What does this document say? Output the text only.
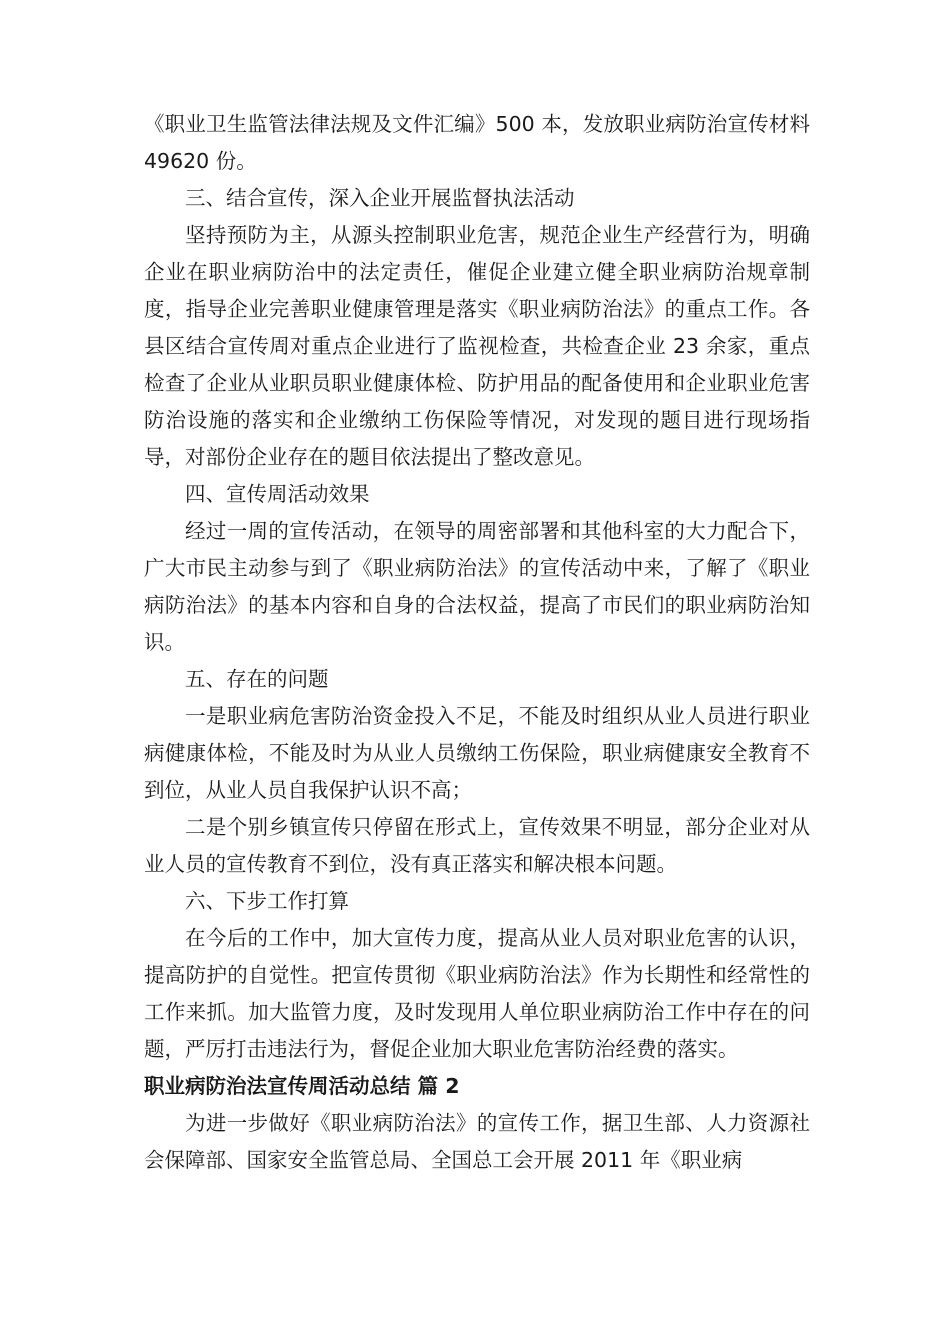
《职业卫生监管法律法规及文件汇编》500 本，发放职业病防治宣传材料 49620 份。

三、结合宣传，深入企业开展监督执法活动

坚持预防为主，从源头控制职业危害，规范企业生产经营行为，明确企业在职业病防治中的法定责任，催促企业建立健全职业病防治规章制度，指导企业完善职业健康管理是落实《职业病防治法》的重点工作。各县区结合宣传周对重点企业进行了监视检查，共检查企业 23 余家，重点检查了企业从业职员职业健康体检、防护用品的配备使用和企业职业危害防治设施的落实和企业缴纳工伤保险等情况，对发现的题目进行现场指导，对部份企业存在的题目依法提出了整改意见。

四、宣传周活动效果

经过一周的宣传活动，在领导的周密部署和其他科室的大力配合下，广大市民主动参与到了《职业病防治法》的宣传活动中来，了解了《职业病防治法》的基本内容和自身的合法权益，提高了市民们的职业病防治知识。

五、存在的问题

一是职业病危害防治资金投入不足，不能及时组织从业人员进行职业病健康体检，不能及时为从业人员缴纳工伤保险，职业病健康安全教育不到位，从业人员自我保护认识不高；

二是个别乡镇宣传只停留在形式上，宣传效果不明显，部分企业对从业人员的宣传教育不到位，没有真正落实和解决根本问题。

六、下步工作打算

在今后的工作中，加大宣传力度，提高从业人员对职业危害的认识，提高防护的自觉性。把宣传贯彻《职业病防治法》作为长期性和经常性的工作来抓。加大监管力度，及时发现用人单位职业病防治工作中存在的问题，严厉打击违法行为，督促企业加大职业危害防治经费的落实。

职业病防治法宣传周活动总结 篇 2

为进一步做好《职业病防治法》的宣传工作，据卫生部、人力资源社会保障部、国家安全监管总局、全国总工会开展 2011 年《职业病
